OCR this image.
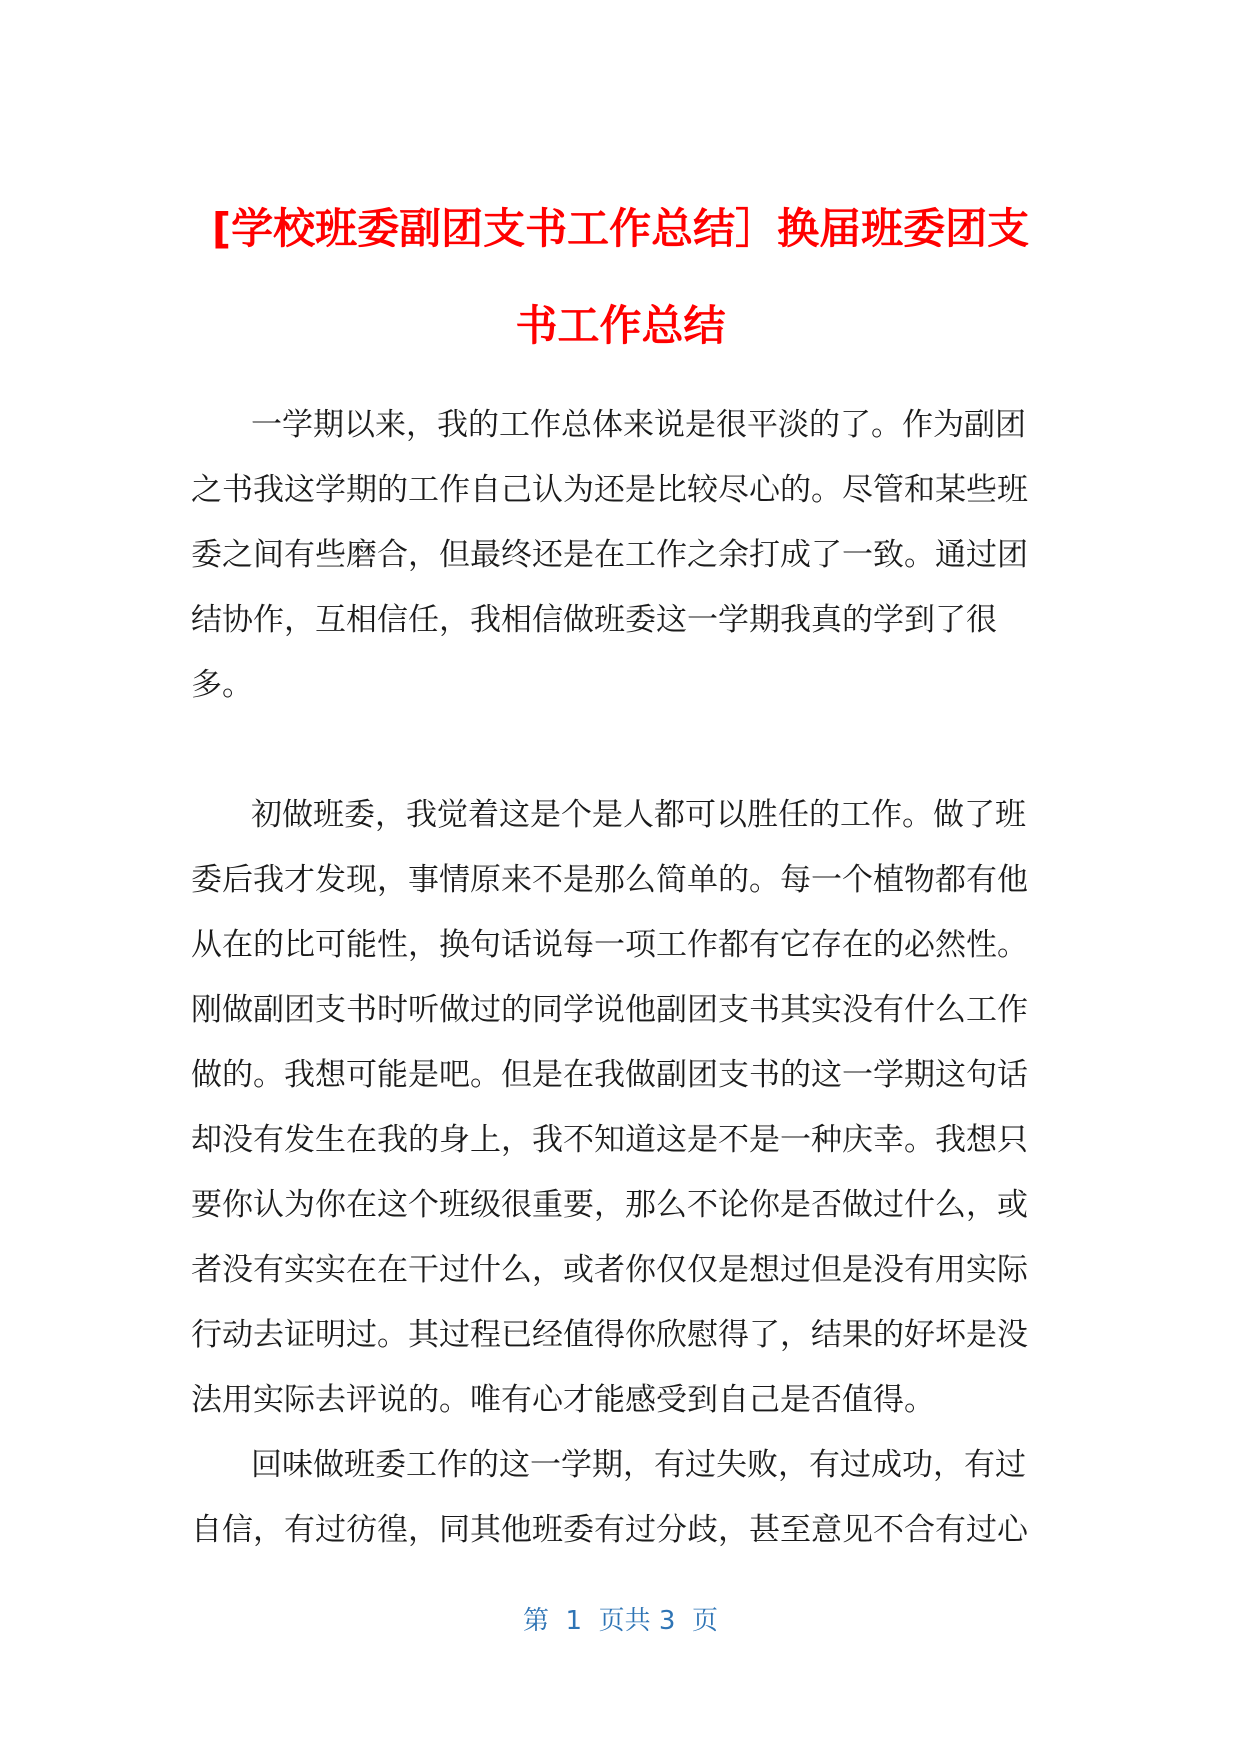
[学校班委副团支书工作总结］换届班委团支
书工作总结
一学期以来，我的工作总体来说是很平淡的了。作为副团
之书我这学期的工作自己认为还是比较尽心的。尽管和某些班
委之间有些磨合，但最终还是在工作之余打成了一致。通过团
结协作，互相信任，我相信做班委这一学期我真的学到了很
多。
初做班委，我觉着这是个是人都可以胜任的工作。做了班
委后我才发现，事情原来不是那么简单的。每一个植物都有他
从在的比可能性，换句话说每一项工作都有它存在的必然性。
刚做副团支书时听做过的同学说他副团支书其实没有什么工作
做的。我想可能是吧。但是在我做副团支书的这一学期这句话
却没有发生在我的身上，我不知道这是不是一种庆幸。我想只
要你认为你在这个班级很重要，那么不论你是否做过什么，或
者没有实实在在干过什么，或者你仅仅是想过但是没有用实际
行动去证明过。其过程已经值得你欣慰得了，结果的好坏是没
法用实际去评说的。唯有心才能感受到自己是否值得。
回味做班委工作的这一学期，有过失败，有过成功，有过
自信，有过彷徨，同其他班委有过分歧，甚至意见不合有过心
第  1  页共 3  页
